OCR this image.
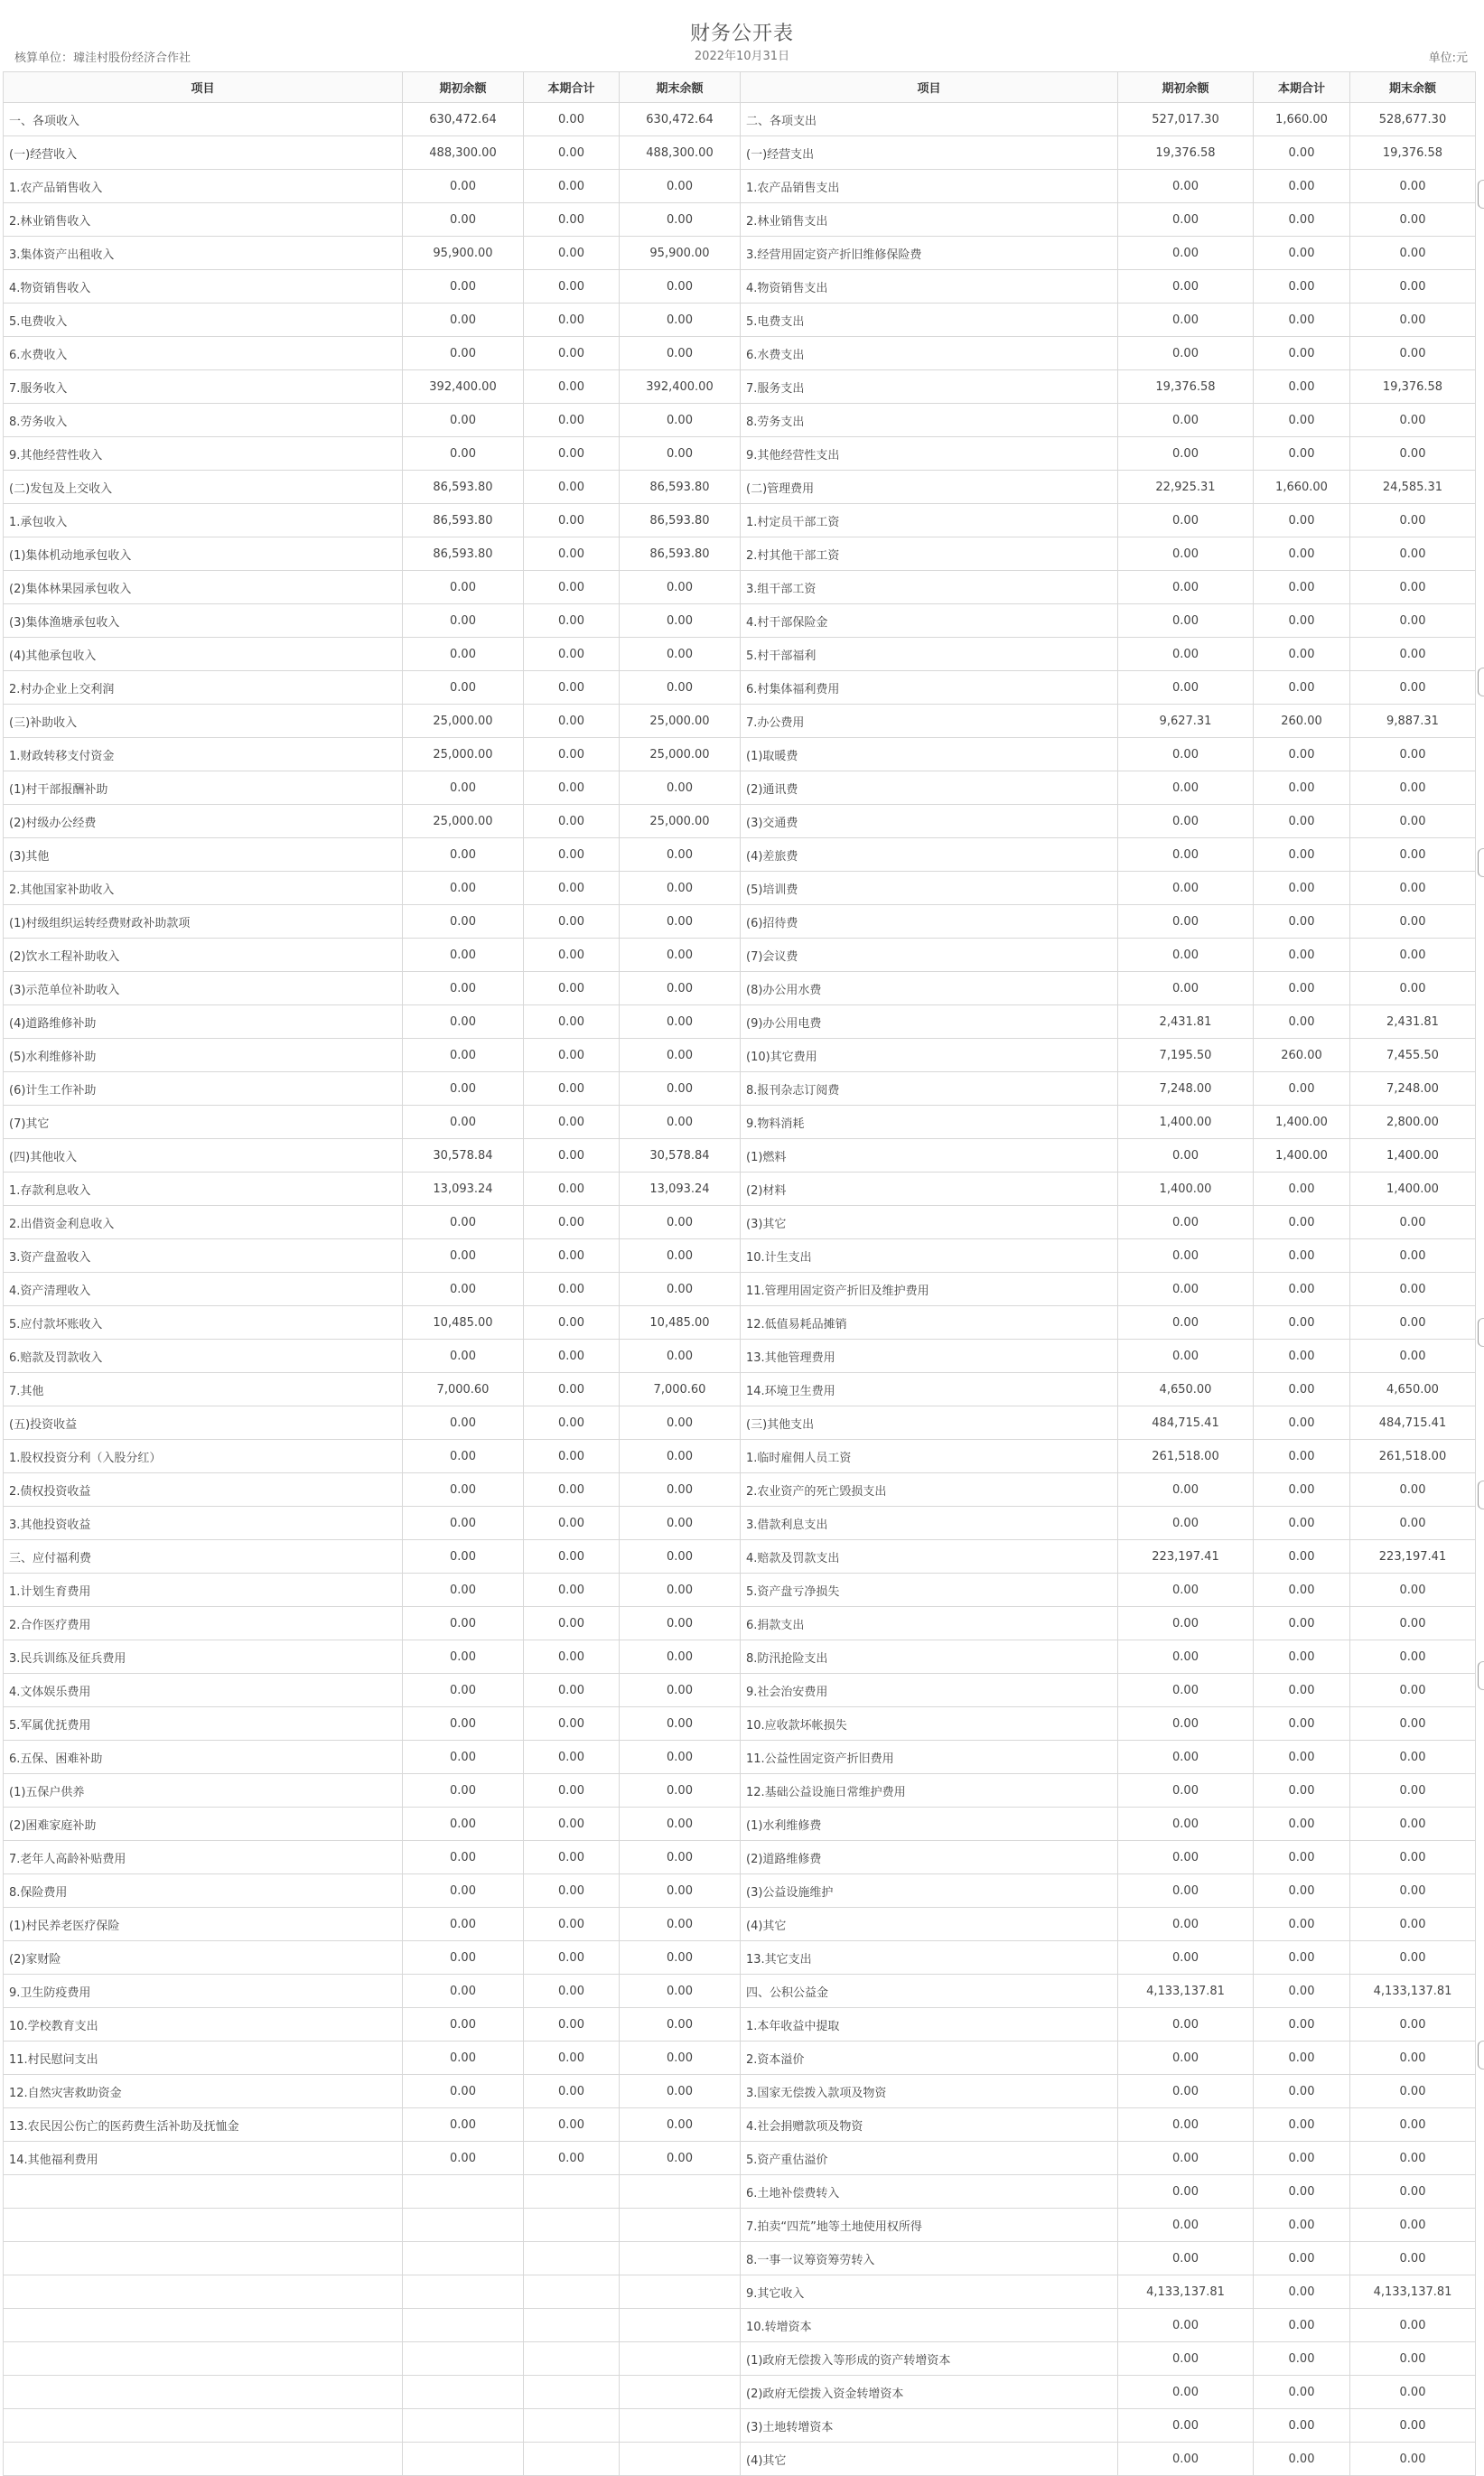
财务公开表
2022年10月31日
核算单位：璩洼村股份经济合作社	单位:元
项目	期初余额	本期合计	期末余额	项目	期初余额	本期合计	期末余额
一、各项收入	630,472.64	0.00	630,472.64	二、各项支出	527,017.30	1,660.00	528,677.30
(一)经营收入	488,300.00	0.00	488,300.00	(一)经营支出	19,376.58	0.00	19,376.58
1.农产品销售收入	0.00	0.00	0.00	1.农产品销售支出	0.00	0.00	0.00
2.林业销售收入	0.00	0.00	0.00	2.林业销售支出	0.00	0.00	0.00
3.集体资产出租收入	95,900.00	0.00	95,900.00	3.经营用固定资产折旧维修保险费	0.00	0.00	0.00
4.物资销售收入	0.00	0.00	0.00	4.物资销售支出	0.00	0.00	0.00
5.电费收入	0.00	0.00	0.00	5.电费支出	0.00	0.00	0.00
6.水费收入	0.00	0.00	0.00	6.水费支出	0.00	0.00	0.00
7.服务收入	392,400.00	0.00	392,400.00	7.服务支出	19,376.58	0.00	19,376.58
8.劳务收入	0.00	0.00	0.00	8.劳务支出	0.00	0.00	0.00
9.其他经营性收入	0.00	0.00	0.00	9.其他经营性支出	0.00	0.00	0.00
(二)发包及上交收入	86,593.80	0.00	86,593.80	(二)管理费用	22,925.31	1,660.00	24,585.31
1.承包收入	86,593.80	0.00	86,593.80	1.村定员干部工资	0.00	0.00	0.00
(1)集体机动地承包收入	86,593.80	0.00	86,593.80	2.村其他干部工资	0.00	0.00	0.00
(2)集体林果园承包收入	0.00	0.00	0.00	3.组干部工资	0.00	0.00	0.00
(3)集体渔塘承包收入	0.00	0.00	0.00	4.村干部保险金	0.00	0.00	0.00
(4)其他承包收入	0.00	0.00	0.00	5.村干部福利	0.00	0.00	0.00
2.村办企业上交利润	0.00	0.00	0.00	6.村集体福利费用	0.00	0.00	0.00
(三)补助收入	25,000.00	0.00	25,000.00	7.办公费用	9,627.31	260.00	9,887.31
1.财政转移支付资金	25,000.00	0.00	25,000.00	(1)取暖费	0.00	0.00	0.00
(1)村干部报酬补助	0.00	0.00	0.00	(2)通讯费	0.00	0.00	0.00
(2)村级办公经费	25,000.00	0.00	25,000.00	(3)交通费	0.00	0.00	0.00
(3)其他	0.00	0.00	0.00	(4)差旅费	0.00	0.00	0.00
2.其他国家补助收入	0.00	0.00	0.00	(5)培训费	0.00	0.00	0.00
(1)村级组织运转经费财政补助款项	0.00	0.00	0.00	(6)招待费	0.00	0.00	0.00
(2)饮水工程补助收入	0.00	0.00	0.00	(7)会议费	0.00	0.00	0.00
(3)示范单位补助收入	0.00	0.00	0.00	(8)办公用水费	0.00	0.00	0.00
(4)道路维修补助	0.00	0.00	0.00	(9)办公用电费	2,431.81	0.00	2,431.81
(5)水利维修补助	0.00	0.00	0.00	(10)其它费用	7,195.50	260.00	7,455.50
(6)计生工作补助	0.00	0.00	0.00	8.报刊杂志订阅费	7,248.00	0.00	7,248.00
(7)其它	0.00	0.00	0.00	9.物料消耗	1,400.00	1,400.00	2,800.00
(四)其他收入	30,578.84	0.00	30,578.84	(1)燃料	0.00	1,400.00	1,400.00
1.存款利息收入	13,093.24	0.00	13,093.24	(2)材料	1,400.00	0.00	1,400.00
2.出借资金利息收入	0.00	0.00	0.00	(3)其它	0.00	0.00	0.00
3.资产盘盈收入	0.00	0.00	0.00	10.计生支出	0.00	0.00	0.00
4.资产清理收入	0.00	0.00	0.00	11.管理用固定资产折旧及维护费用	0.00	0.00	0.00
5.应付款坏账收入	10,485.00	0.00	10,485.00	12.低值易耗品摊销	0.00	0.00	0.00
6.赔款及罚款收入	0.00	0.00	0.00	13.其他管理费用	0.00	0.00	0.00
7.其他	7,000.60	0.00	7,000.60	14.环境卫生费用	4,650.00	0.00	4,650.00
(五)投资收益	0.00	0.00	0.00	(三)其他支出	484,715.41	0.00	484,715.41
1.股权投资分利（入股分红）	0.00	0.00	0.00	1.临时雇佣人员工资	261,518.00	0.00	261,518.00
2.债权投资收益	0.00	0.00	0.00	2.农业资产的死亡毁损支出	0.00	0.00	0.00
3.其他投资收益	0.00	0.00	0.00	3.借款利息支出	0.00	0.00	0.00
三、应付福利费	0.00	0.00	0.00	4.赔款及罚款支出	223,197.41	0.00	223,197.41
1.计划生育费用	0.00	0.00	0.00	5.资产盘亏净损失	0.00	0.00	0.00
2.合作医疗费用	0.00	0.00	0.00	6.捐款支出	0.00	0.00	0.00
3.民兵训练及征兵费用	0.00	0.00	0.00	8.防汛抢险支出	0.00	0.00	0.00
4.文体娱乐费用	0.00	0.00	0.00	9.社会治安费用	0.00	0.00	0.00
5.军属优抚费用	0.00	0.00	0.00	10.应收款坏帐损失	0.00	0.00	0.00
6.五保、困难补助	0.00	0.00	0.00	11.公益性固定资产折旧费用	0.00	0.00	0.00
(1)五保户供养	0.00	0.00	0.00	12.基础公益设施日常维护费用	0.00	0.00	0.00
(2)困难家庭补助	0.00	0.00	0.00	(1)水利维修费	0.00	0.00	0.00
7.老年人高龄补贴费用	0.00	0.00	0.00	(2)道路维修费	0.00	0.00	0.00
8.保险费用	0.00	0.00	0.00	(3)公益设施维护	0.00	0.00	0.00
(1)村民养老医疗保险	0.00	0.00	0.00	(4)其它	0.00	0.00	0.00
(2)家财险	0.00	0.00	0.00	13.其它支出	0.00	0.00	0.00
9.卫生防疫费用	0.00	0.00	0.00	四、公积公益金	4,133,137.81	0.00	4,133,137.81
10.学校教育支出	0.00	0.00	0.00	1.本年收益中提取	0.00	0.00	0.00
11.村民慰问支出	0.00	0.00	0.00	2.资本溢价	0.00	0.00	0.00
12.自然灾害救助资金	0.00	0.00	0.00	3.国家无偿拨入款项及物资	0.00	0.00	0.00
13.农民因公伤亡的医药费生活补助及抚恤金	0.00	0.00	0.00	4.社会捐赠款项及物资	0.00	0.00	0.00
14.其他福利费用	0.00	0.00	0.00	5.资产重估溢价	0.00	0.00	0.00
				6.土地补偿费转入	0.00	0.00	0.00
				7.拍卖“四荒”地等土地使用权所得	0.00	0.00	0.00
				8.一事一议筹资筹劳转入	0.00	0.00	0.00
				9.其它收入	4,133,137.81	0.00	4,133,137.81
				10.转增资本	0.00	0.00	0.00
				(1)政府无偿拨入等形成的资产转增资本	0.00	0.00	0.00
				(2)政府无偿拨入资金转增资本	0.00	0.00	0.00
				(3)土地转增资本	0.00	0.00	0.00
				(4)其它	0.00	0.00	0.00
